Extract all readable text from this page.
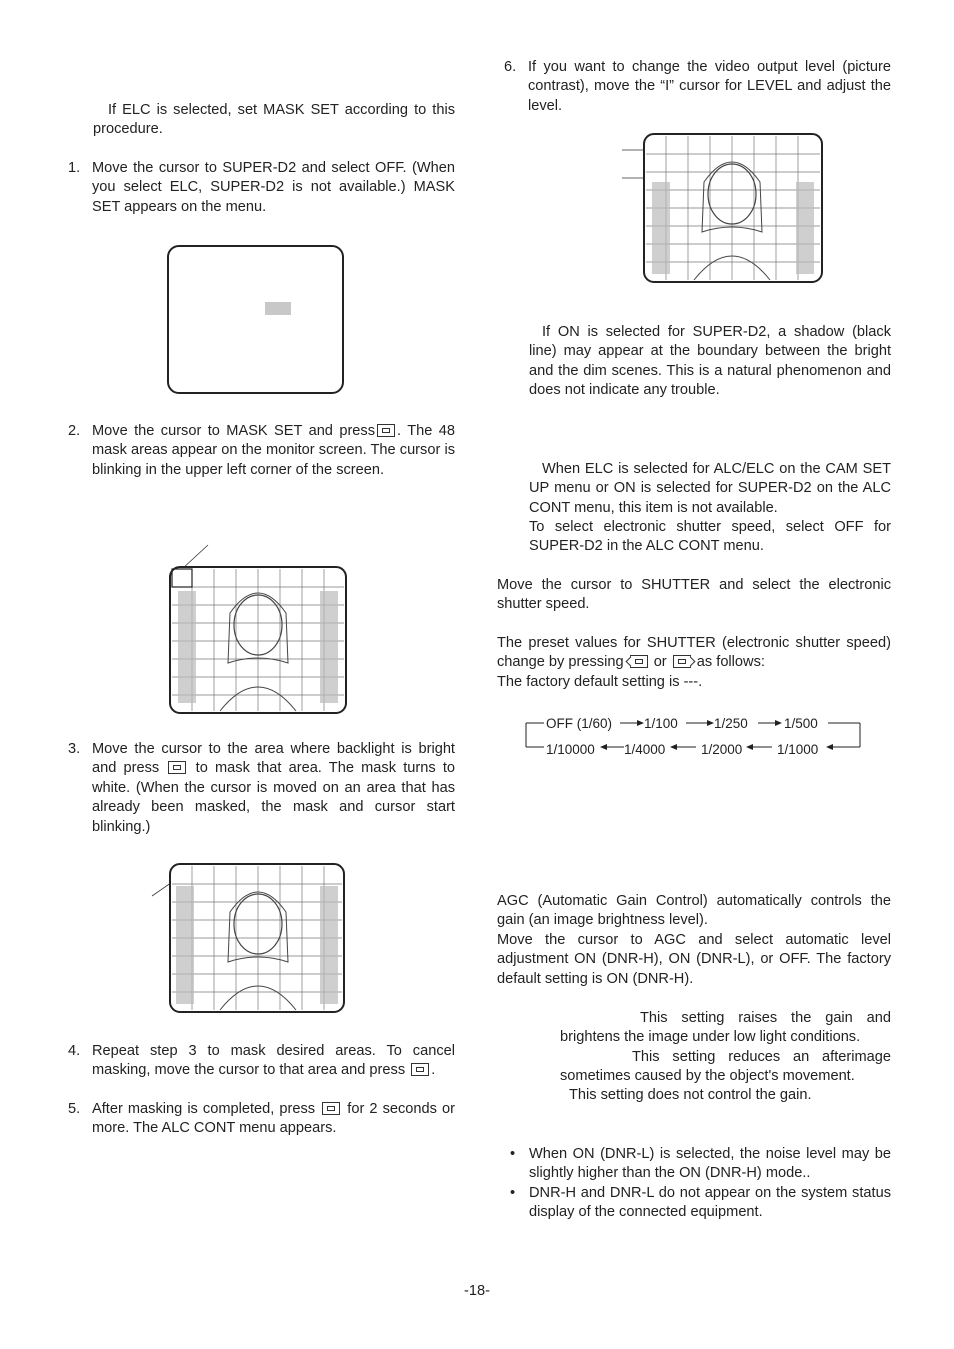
If ELC is selected, set MASK SET according to this procedure.
1. Move the cursor to SUPER-D2 and select OFF. (When you select ELC, SUPER-D2 is not available.) MASK SET appears on the menu.
2. Move the cursor to MASK SET and press . The 48 mask areas appear on the monitor screen. The cursor is blinking in the upper left corner of the screen.
3. Move the cursor to the area where backlight is bright and press to mask that area. The mask turns to white. (When the cursor is moved on an area that has already been masked, the mask and cursor start blinking.)
4. Repeat step 3 to mask desired areas. To cancel masking, move the cursor to that area and press .
5. After masking is completed, press for 2 seconds or more. The ALC CONT menu appears.
6. If you want to change the video output level (picture contrast), move the “I” cursor for LEVEL and adjust the level.
If ON is selected for SUPER-D2, a shadow (black line) may appear at the boundary between the bright and the dim scenes. This is a natural phenomenon and does not indicate any trouble.
When ELC is selected for ALC/ELC on the CAM SET UP menu or ON is selected for SUPER-D2 on the ALC CONT menu, this item is not available.
To select electronic shutter speed, select OFF for SUPER-D2 in the ALC CONT menu.
Move the cursor to SHUTTER and select the electronic shutter speed.
The preset values for SHUTTER (electronic shutter speed) change by pressing or as follows:
The factory default setting is ---.
OFF (1/60) 1/100	1/250	1/500
1/10000 1/4000	1/2000	1/1000
AGC (Automatic Gain Control) automatically controls the gain (an image brightness level).
Move the cursor to AGC and select automatic level adjustment ON (DNR-H), ON (DNR-L), or OFF. The factory default setting is ON (DNR-H).
This setting raises the gain and brightens the image under low light conditions.
This setting reduces an afterimage sometimes caused by the object's movement.
This setting does not control the gain.
• When ON (DNR-L) is selected, the noise level may be slightly higher than the ON (DNR-H) mode..
• DNR-H and DNR-L do not appear on the system status display of the connected equipment.
-18-
